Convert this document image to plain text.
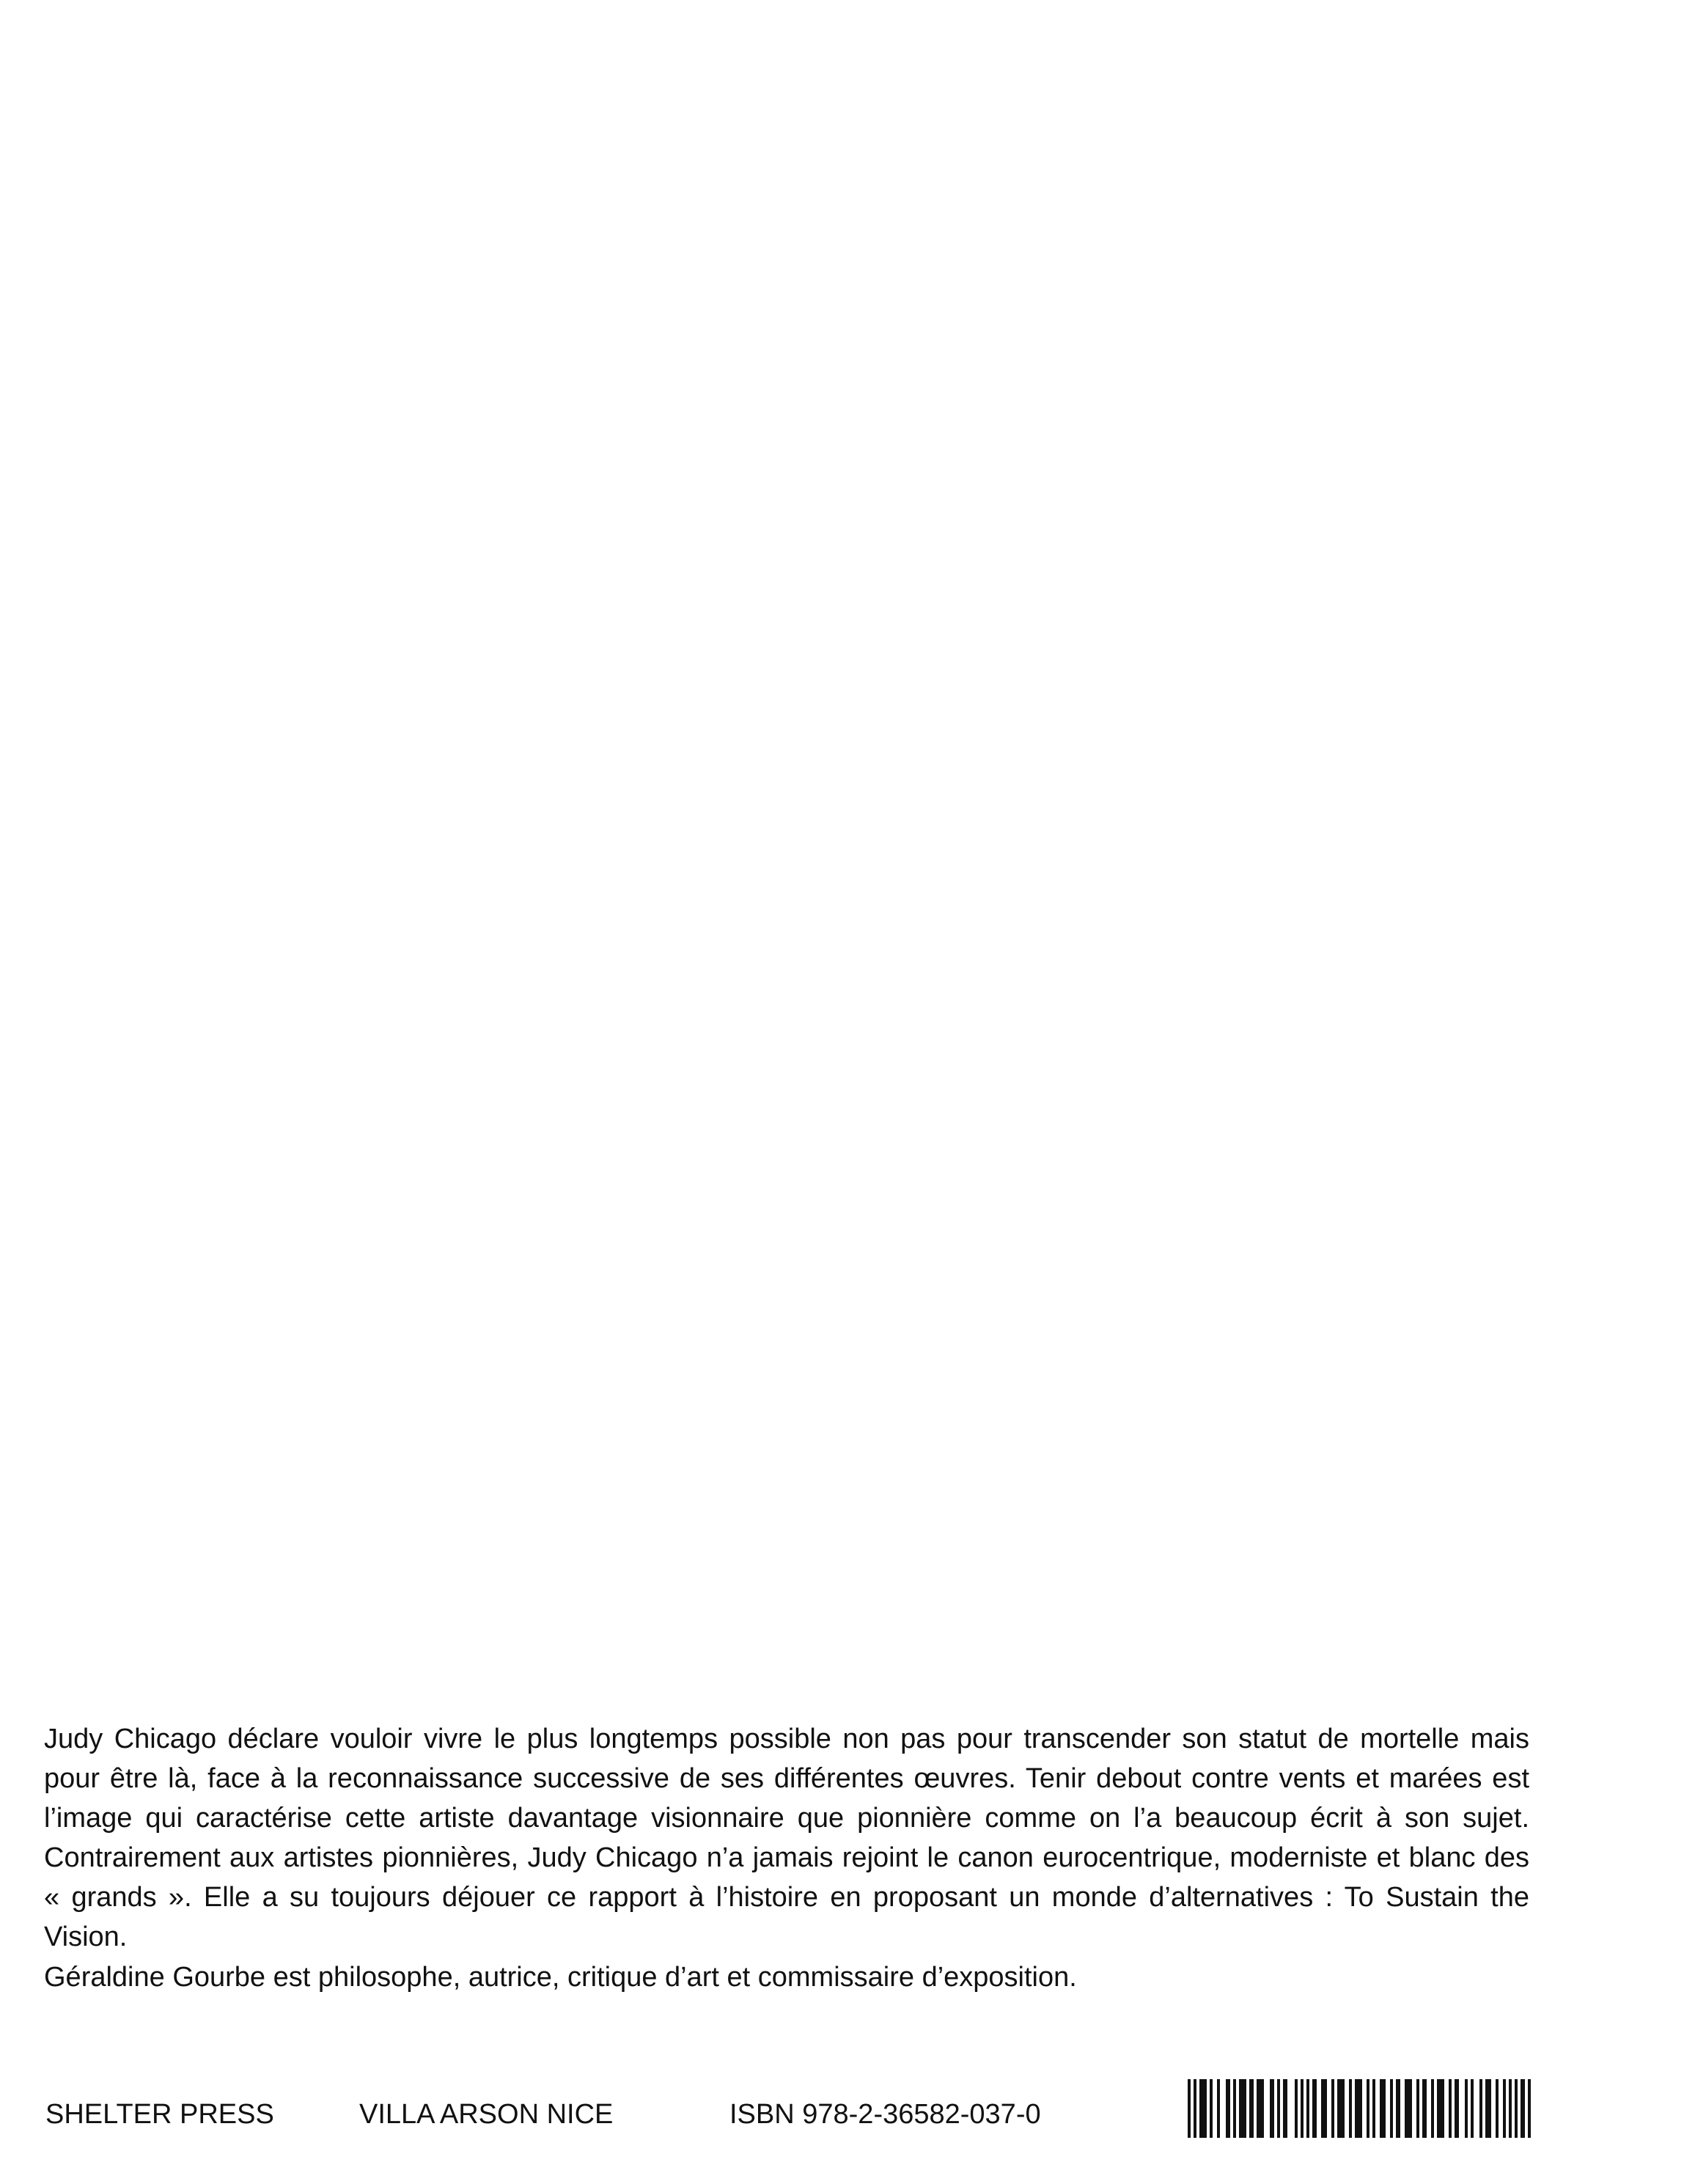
Judy Chicago déclare vouloir vivre le plus longtemps possible non pas pour transcender son statut de mortelle mais

pour être là, face à la reconnaissance successive de ses différentes œuvres. Tenir debout contre vents et marées est

l’image qui caractérise cette artiste davantage visionnaire que pionnière comme on l’a beaucoup écrit à son sujet.

Contrairement aux artistes pionnières, Judy Chicago n’a jamais rejoint le canon eurocentrique, moderniste et blanc des

« grands ». Elle a su toujours déjouer ce rapport à l’histoire en proposant un monde d’alternatives : To Sustain the Vision.

Géraldine Gourbe est philosophe, autrice, critique d’art et commissaire d’exposition.

SHELTER PRESS	VILLA ARSON NICE	ISBN 978-2-36582-037-0
